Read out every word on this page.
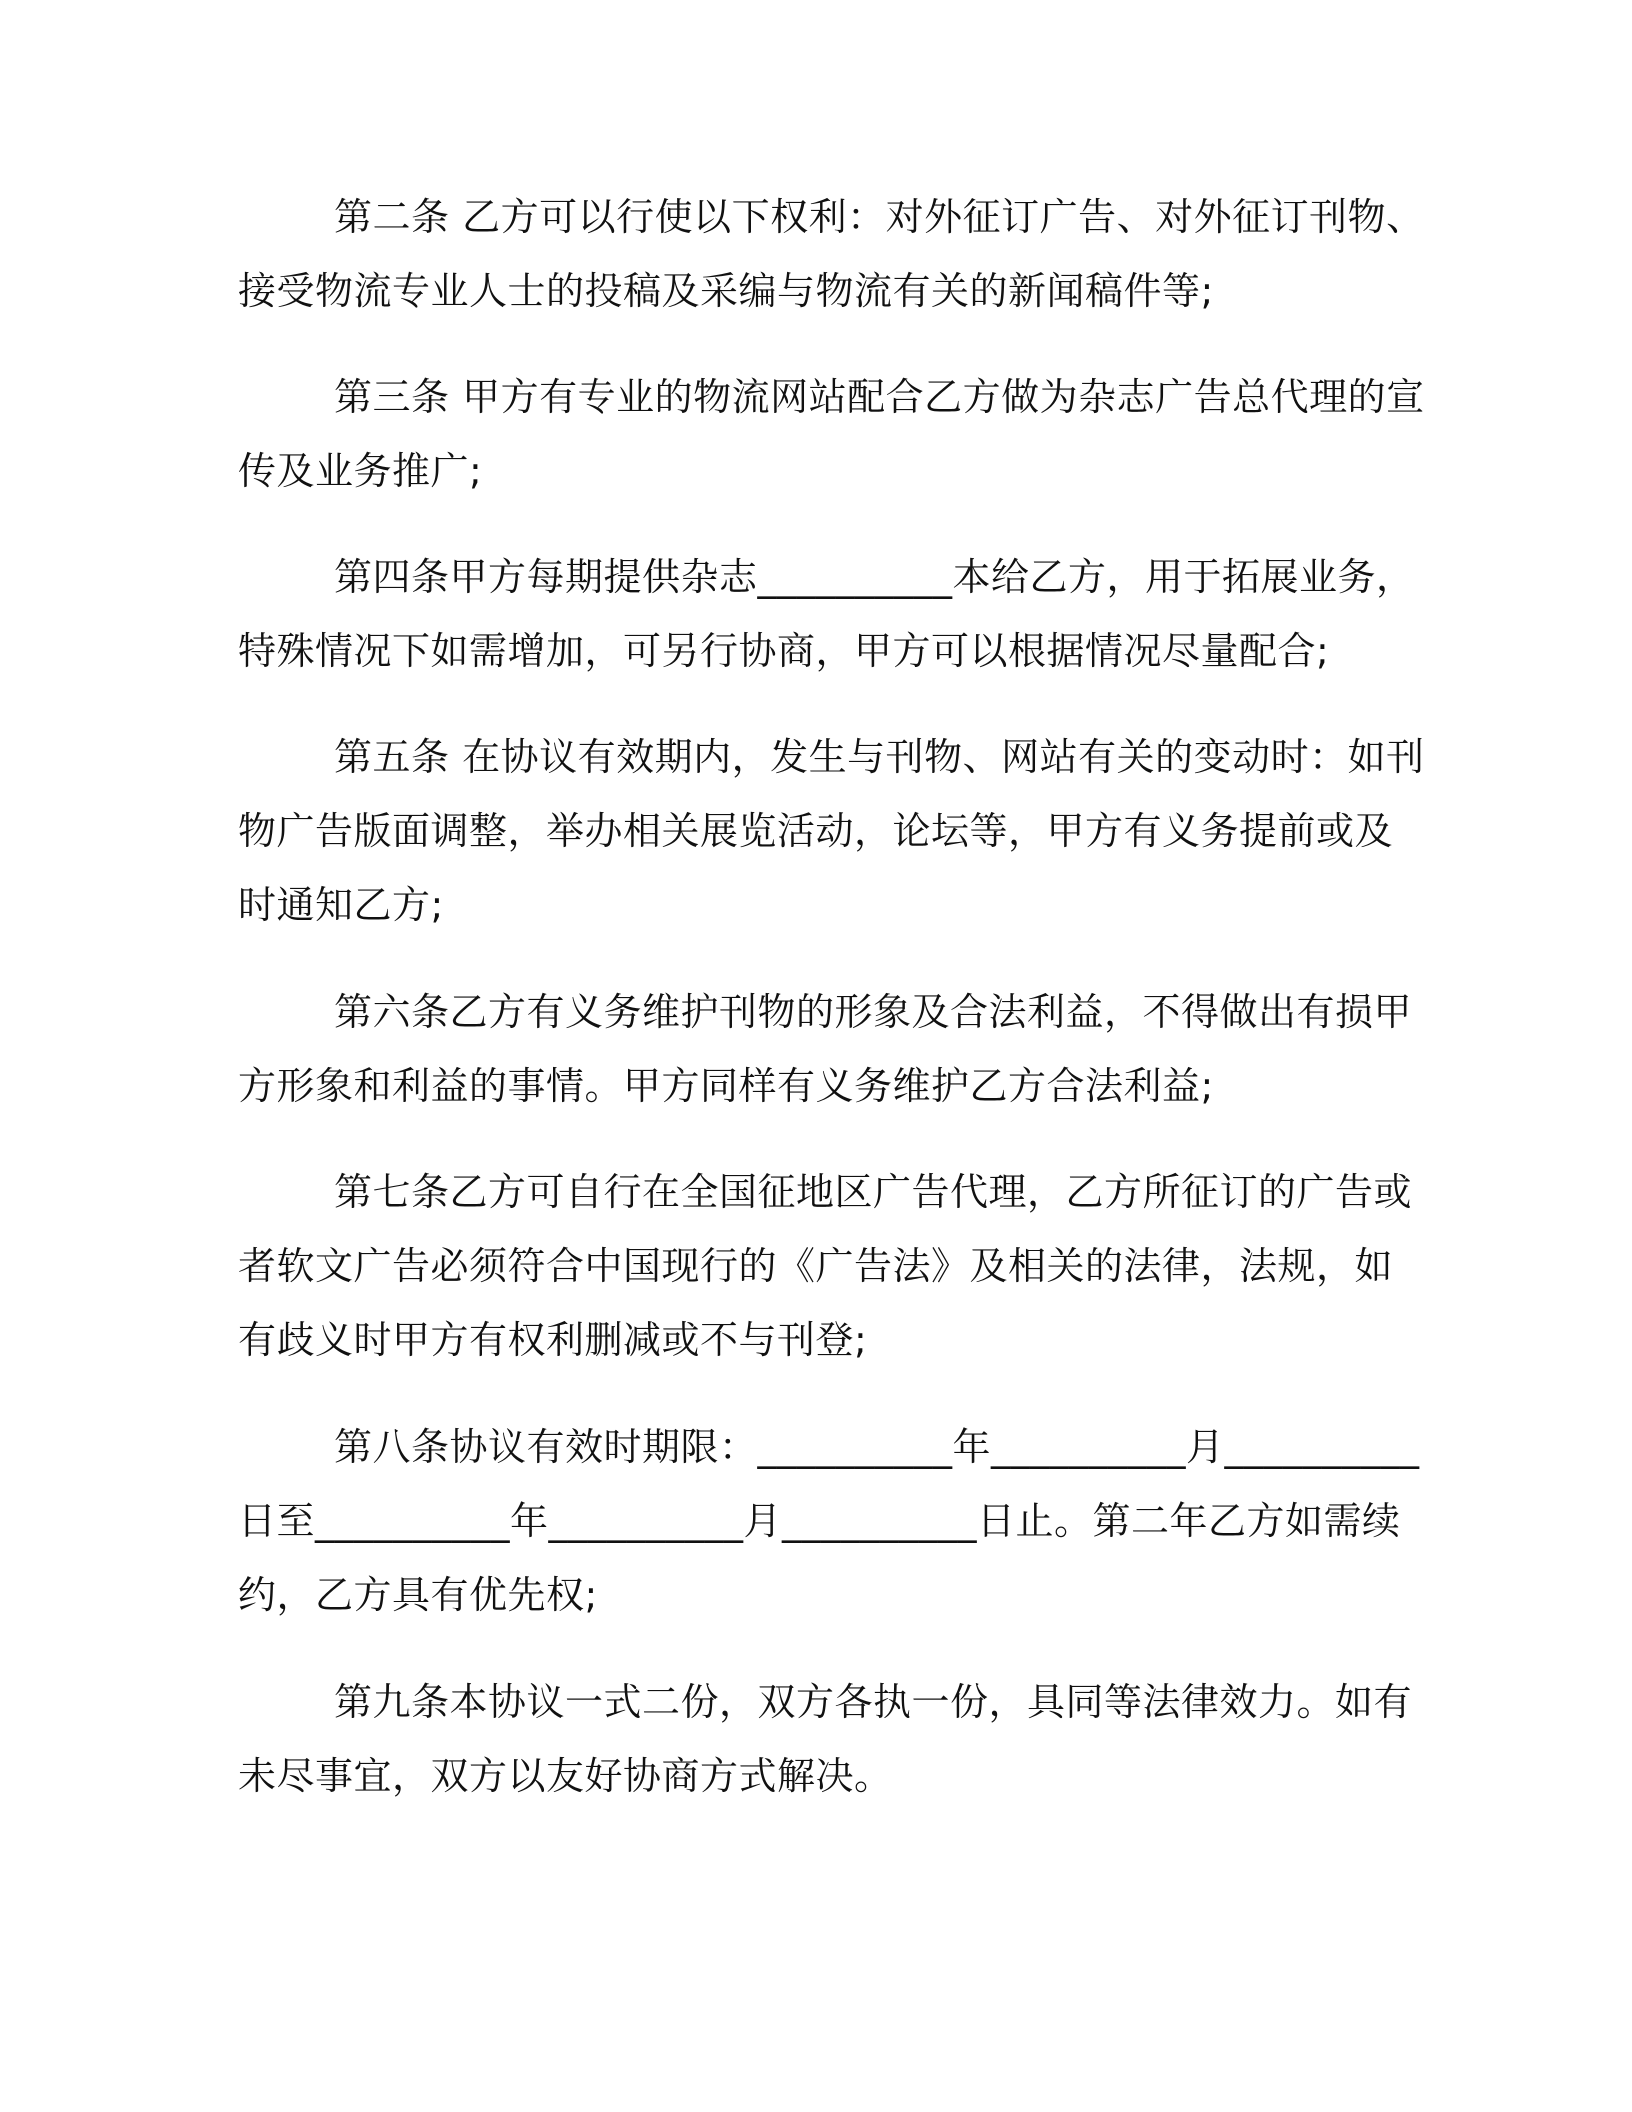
第二条 乙方可以行使以下权利：对外征订广告、对外征订刊物、
接受物流专业人士的投稿及采编与物流有关的新闻稿件等;
第三条 甲方有专业的物流网站配合乙方做为杂志广告总代理的宣
传及业务推广;
第四条甲方每期提供杂志__________本给乙方，用于拓展业务，
特殊情况下如需增加，可另行协商，甲方可以根据情况尽量配合;
第五条 在协议有效期内，发生与刊物、网站有关的变动时：如刊
物广告版面调整，举办相关展览活动，论坛等，甲方有义务提前或及
时通知乙方;
第六条乙方有义务维护刊物的形象及合法利益，不得做出有损甲
方形象和利益的事情。甲方同样有义务维护乙方合法利益;
第七条乙方可自行在全国征地区广告代理，乙方所征订的广告或
者软文广告必须符合中国现行的《广告法》及相关的法律，法规，如
有歧义时甲方有权利删减或不与刊登;
第八条协议有效时期限：__________年__________月__________
日至__________年__________月__________日止。第二年乙方如需续
约，乙方具有优先权;
第九条本协议一式二份，双方各执一份，具同等法律效力。如有
未尽事宜，双方以友好协商方式解决。
